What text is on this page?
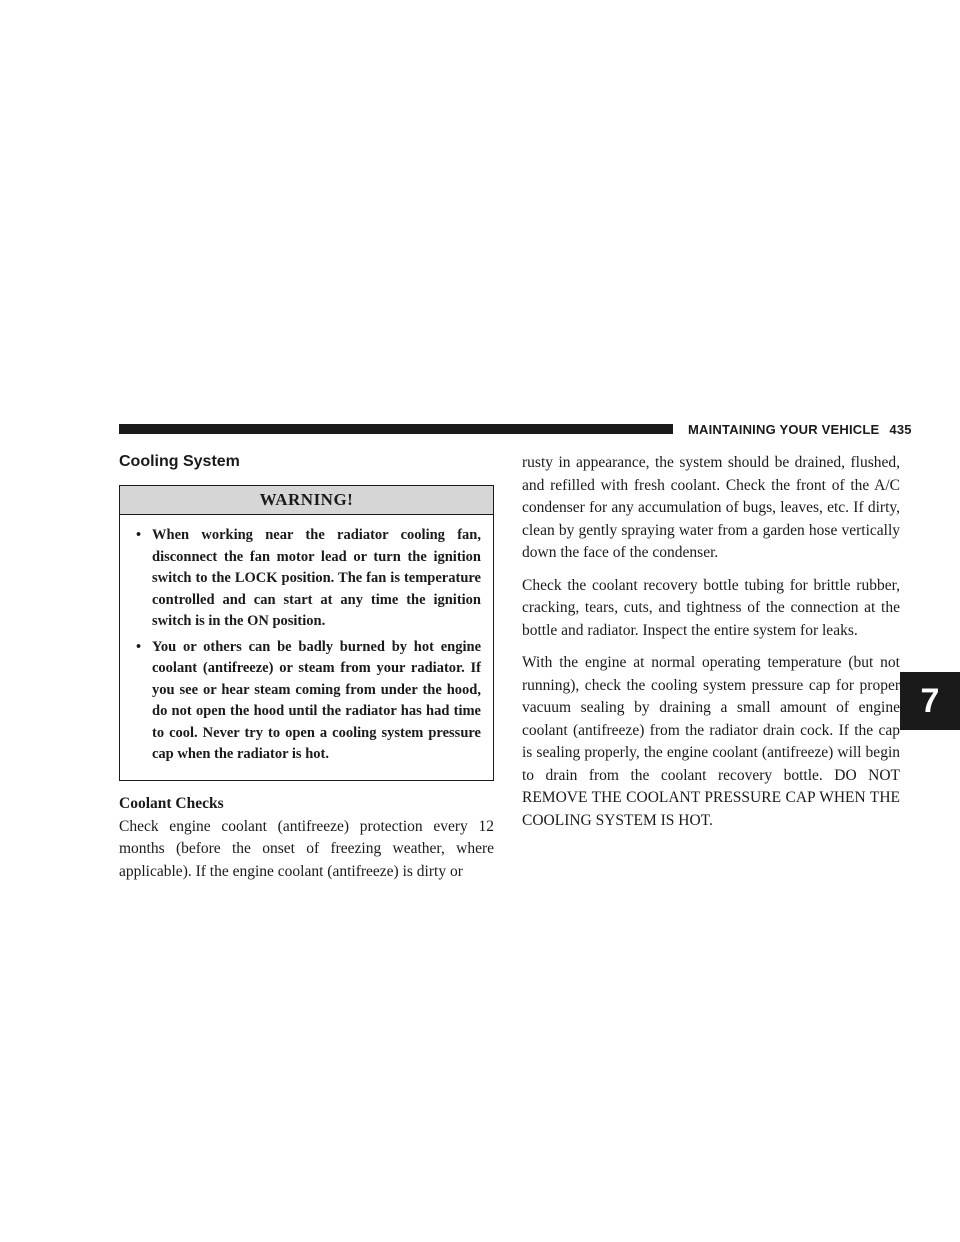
MAINTAINING YOUR VEHICLE 435
7
Cooling System
WARNING!
• When working near the radiator cooling fan, disconnect the fan motor lead or turn the ignition switch to the LOCK position. The fan is temperature controlled and can start at any time the ignition switch is in the ON position.
• You or others can be badly burned by hot engine coolant (antifreeze) or steam from your radiator. If you see or hear steam coming from under the hood, do not open the hood until the radiator has had time to cool. Never try to open a cooling system pressure cap when the radiator is hot.
Coolant Checks

Check engine coolant (antifreeze) protection every 12 months (before the onset of freezing weather, where applicable). If the engine coolant (antifreeze) is dirty or

rusty in appearance, the system should be drained, flushed, and refilled with fresh coolant. Check the front of the A/C condenser for any accumulation of bugs, leaves, etc. If dirty, clean by gently spraying water from a garden hose vertically down the face of the condenser.

Check the coolant recovery bottle tubing for brittle rubber, cracking, tears, cuts, and tightness of the connection at the bottle and radiator. Inspect the entire system for leaks.

With the engine at normal operating temperature (but not running), check the cooling system pressure cap for proper vacuum sealing by draining a small amount of engine coolant (antifreeze) from the radiator drain cock. If the cap is sealing properly, the engine coolant (antifreeze) will begin to drain from the coolant recovery bottle. DO NOT REMOVE THE COOLANT PRESSURE CAP WHEN THE COOLING SYSTEM IS HOT.
